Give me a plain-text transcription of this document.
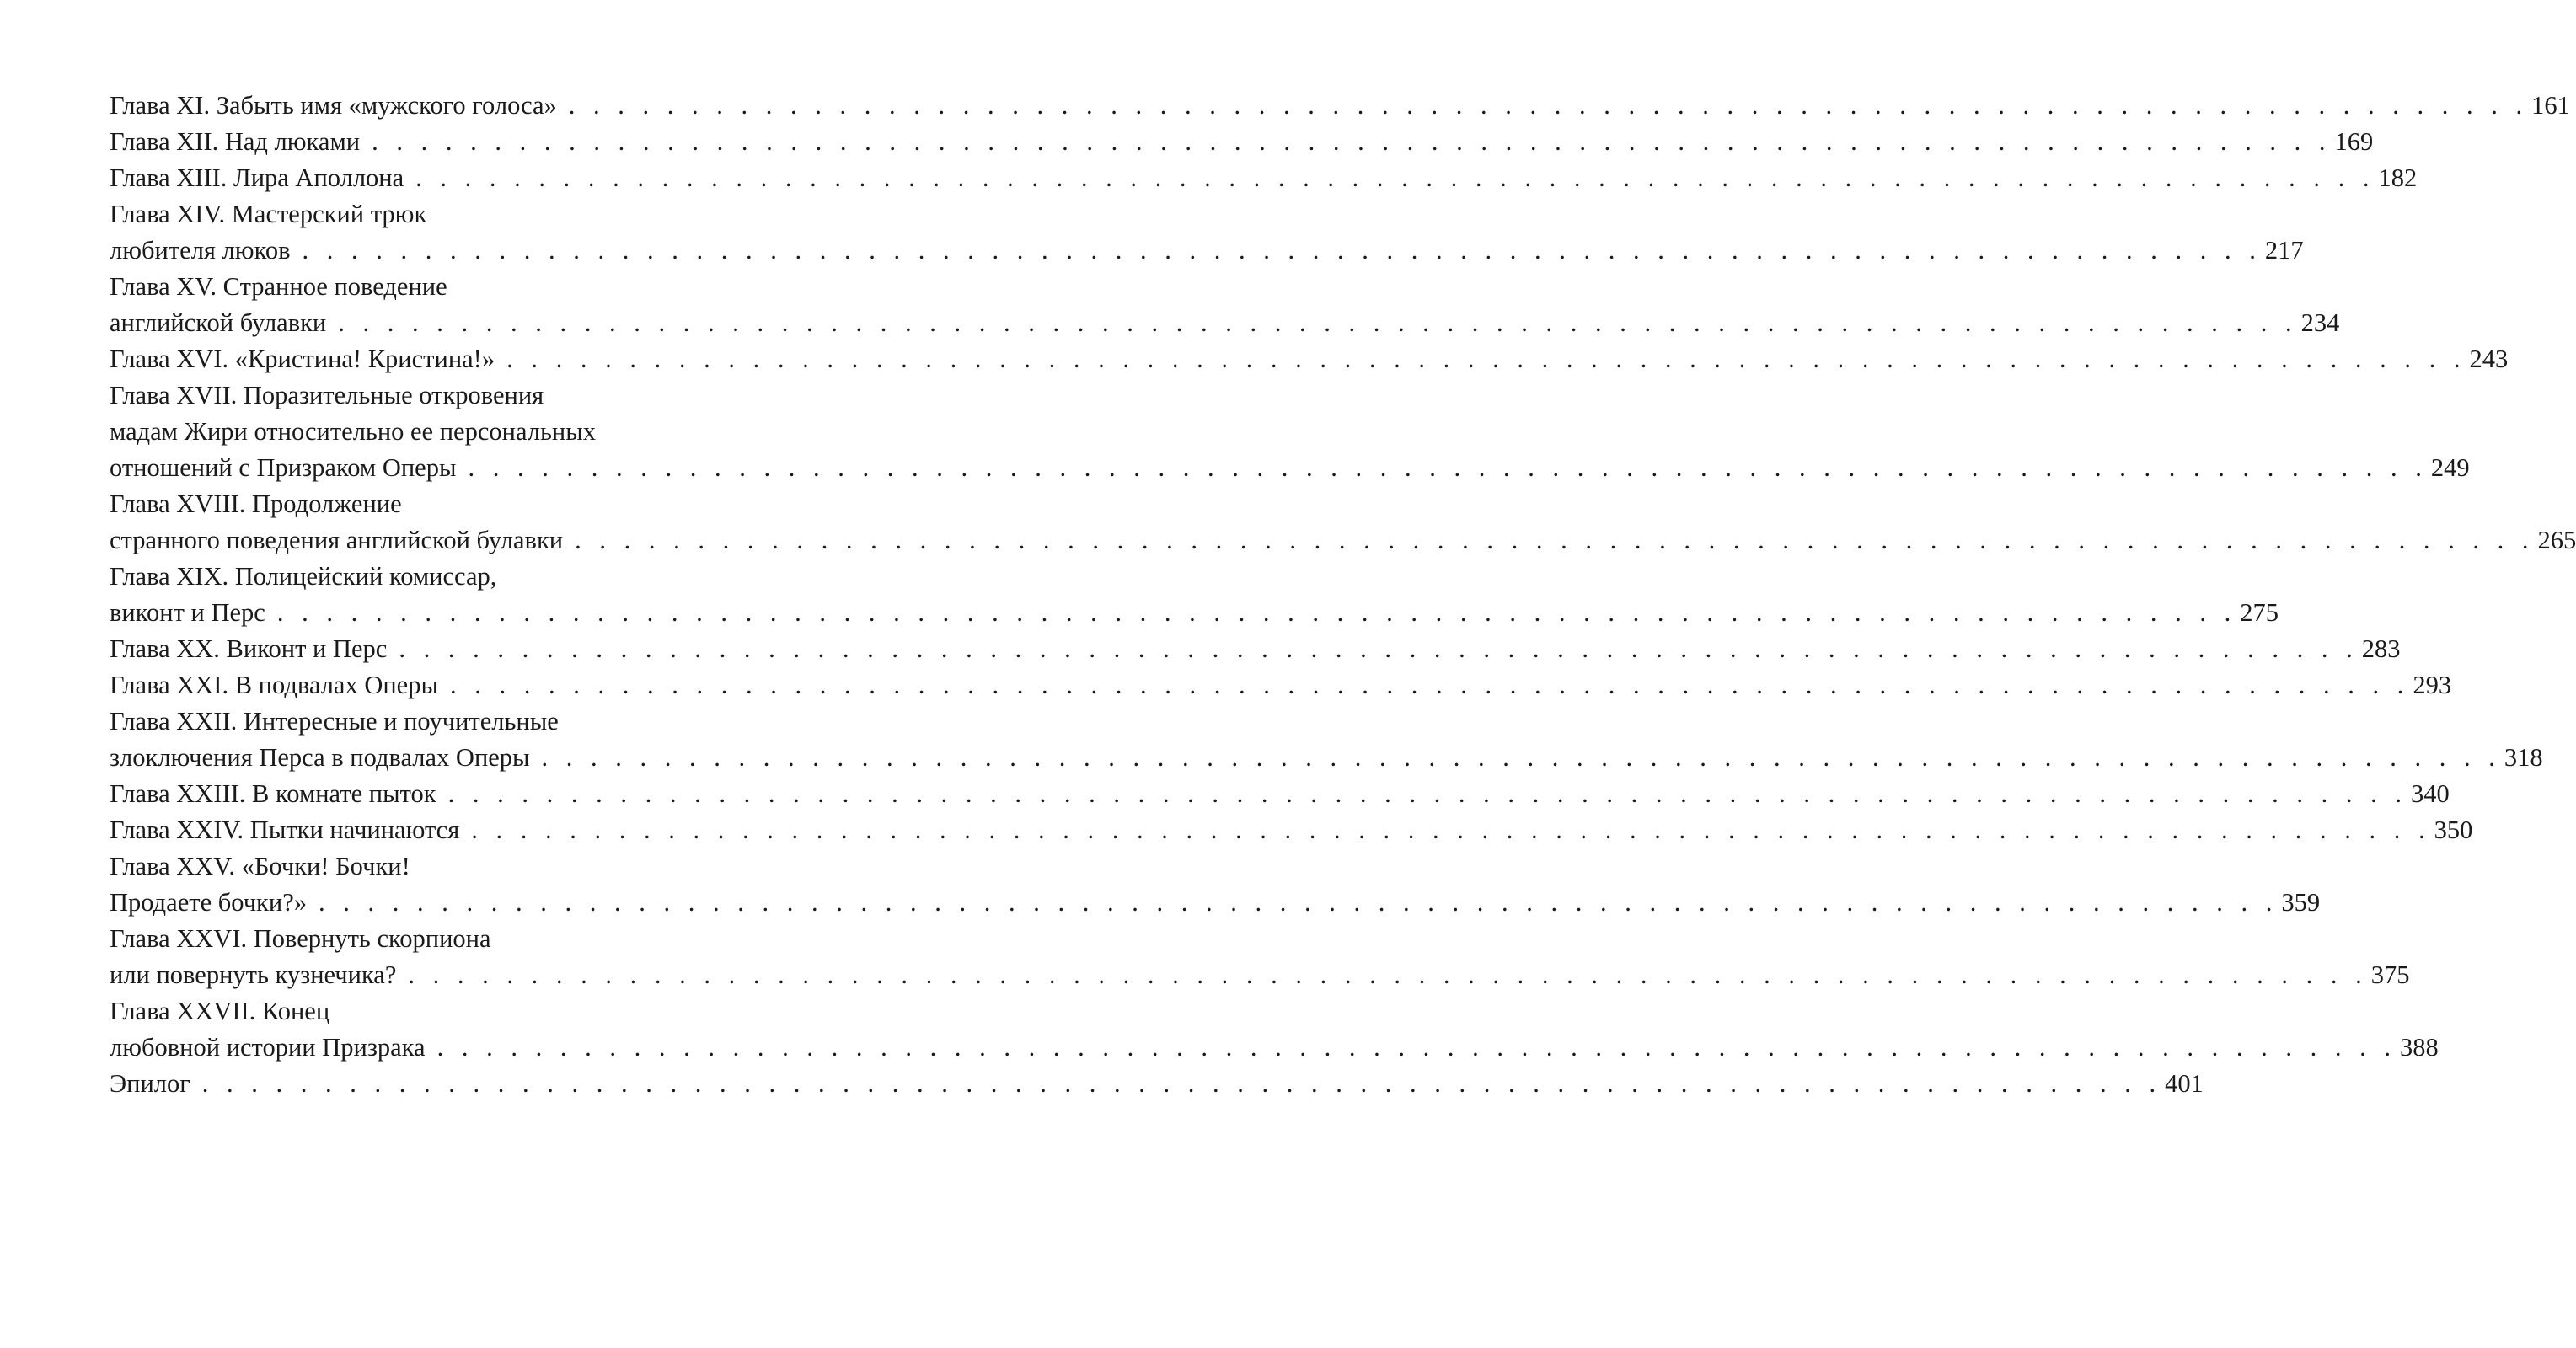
Глава XI. Забыть имя «мужского голоса» . . . . . . . . . . . . . . . . . . . . . . . . . . . . . . . . . . . . . . . . . . . . . . . . . . . . . . . . . . . . . . . . . . . . . . . . . . . . . . . . 161
Глава XII. Над люками . . . . . . . . . . . . . . . . . . . . . . . . . . . . . . . . . . . . . . . . . . . . . . . . . . . . . . . . . . . . . . . . . . . . . . . . . . . . . . . . 169
Глава XIII. Лира Аполлона . . . . . . . . . . . . . . . . . . . . . . . . . . . . . . . . . . . . . . . . . . . . . . . . . . . . . . . . . . . . . . . . . . . . . . . . . . . . . . . . 182
Глава XIV. Мастерский трюк
любителя люков . . . . . . . . . . . . . . . . . . . . . . . . . . . . . . . . . . . . . . . . . . . . . . . . . . . . . . . . . . . . . . . . . . . . . . . . . . . . . . . . 217
Глава XV. Странное поведение
английской булавки . . . . . . . . . . . . . . . . . . . . . . . . . . . . . . . . . . . . . . . . . . . . . . . . . . . . . . . . . . . . . . . . . . . . . . . . . . . . . . . . 234
Глава XVI. «Кристина! Кристина!» . . . . . . . . . . . . . . . . . . . . . . . . . . . . . . . . . . . . . . . . . . . . . . . . . . . . . . . . . . . . . . . . . . . . . . . . . . . . . . . . 243
Глава XVII. Поразительные откровения
мадам Жири относительно ее персональных
отношений с Призраком Оперы . . . . . . . . . . . . . . . . . . . . . . . . . . . . . . . . . . . . . . . . . . . . . . . . . . . . . . . . . . . . . . . . . . . . . . . . . . . . . . . . 249
Глава XVIII. Продолжение
странного поведения английской булавки . . . . . . . . . . . . . . . . . . . . . . . . . . . . . . . . . . . . . . . . . . . . . . . . . . . . . . . . . . . . . . . . . . . . . . . . . . . . . . . . 265
Глава XIX. Полицейский комиссар,
виконт и Перс . . . . . . . . . . . . . . . . . . . . . . . . . . . . . . . . . . . . . . . . . . . . . . . . . . . . . . . . . . . . . . . . . . . . . . . . . . . . . . . . 275
Глава XX. Виконт и Перс . . . . . . . . . . . . . . . . . . . . . . . . . . . . . . . . . . . . . . . . . . . . . . . . . . . . . . . . . . . . . . . . . . . . . . . . . . . . . . . . 283
Глава XXI. В подвалах Оперы . . . . . . . . . . . . . . . . . . . . . . . . . . . . . . . . . . . . . . . . . . . . . . . . . . . . . . . . . . . . . . . . . . . . . . . . . . . . . . . . 293
Глава XXII. Интересные и поучительные
злоключения Перса в подвалах Оперы . . . . . . . . . . . . . . . . . . . . . . . . . . . . . . . . . . . . . . . . . . . . . . . . . . . . . . . . . . . . . . . . . . . . . . . . . . . . . . . . 318
Глава XXIII. В комнате пыток . . . . . . . . . . . . . . . . . . . . . . . . . . . . . . . . . . . . . . . . . . . . . . . . . . . . . . . . . . . . . . . . . . . . . . . . . . . . . . . . 340
Глава XXIV. Пытки начинаются . . . . . . . . . . . . . . . . . . . . . . . . . . . . . . . . . . . . . . . . . . . . . . . . . . . . . . . . . . . . . . . . . . . . . . . . . . . . . . . . 350
Глава XXV. «Бочки! Бочки!
Продаете бочки?» . . . . . . . . . . . . . . . . . . . . . . . . . . . . . . . . . . . . . . . . . . . . . . . . . . . . . . . . . . . . . . . . . . . . . . . . . . . . . . . . 359
Глава XXVI. Повернуть скорпиона
или повернуть кузнечика? . . . . . . . . . . . . . . . . . . . . . . . . . . . . . . . . . . . . . . . . . . . . . . . . . . . . . . . . . . . . . . . . . . . . . . . . . . . . . . . . 375
Глава XXVII. Конец
любовной истории Призрака . . . . . . . . . . . . . . . . . . . . . . . . . . . . . . . . . . . . . . . . . . . . . . . . . . . . . . . . . . . . . . . . . . . . . . . . . . . . . . . . 388
Эпилог . . . . . . . . . . . . . . . . . . . . . . . . . . . . . . . . . . . . . . . . . . . . . . . . . . . . . . . . . . . . . . . . . . . . . . . . . . . . . . . . 401
